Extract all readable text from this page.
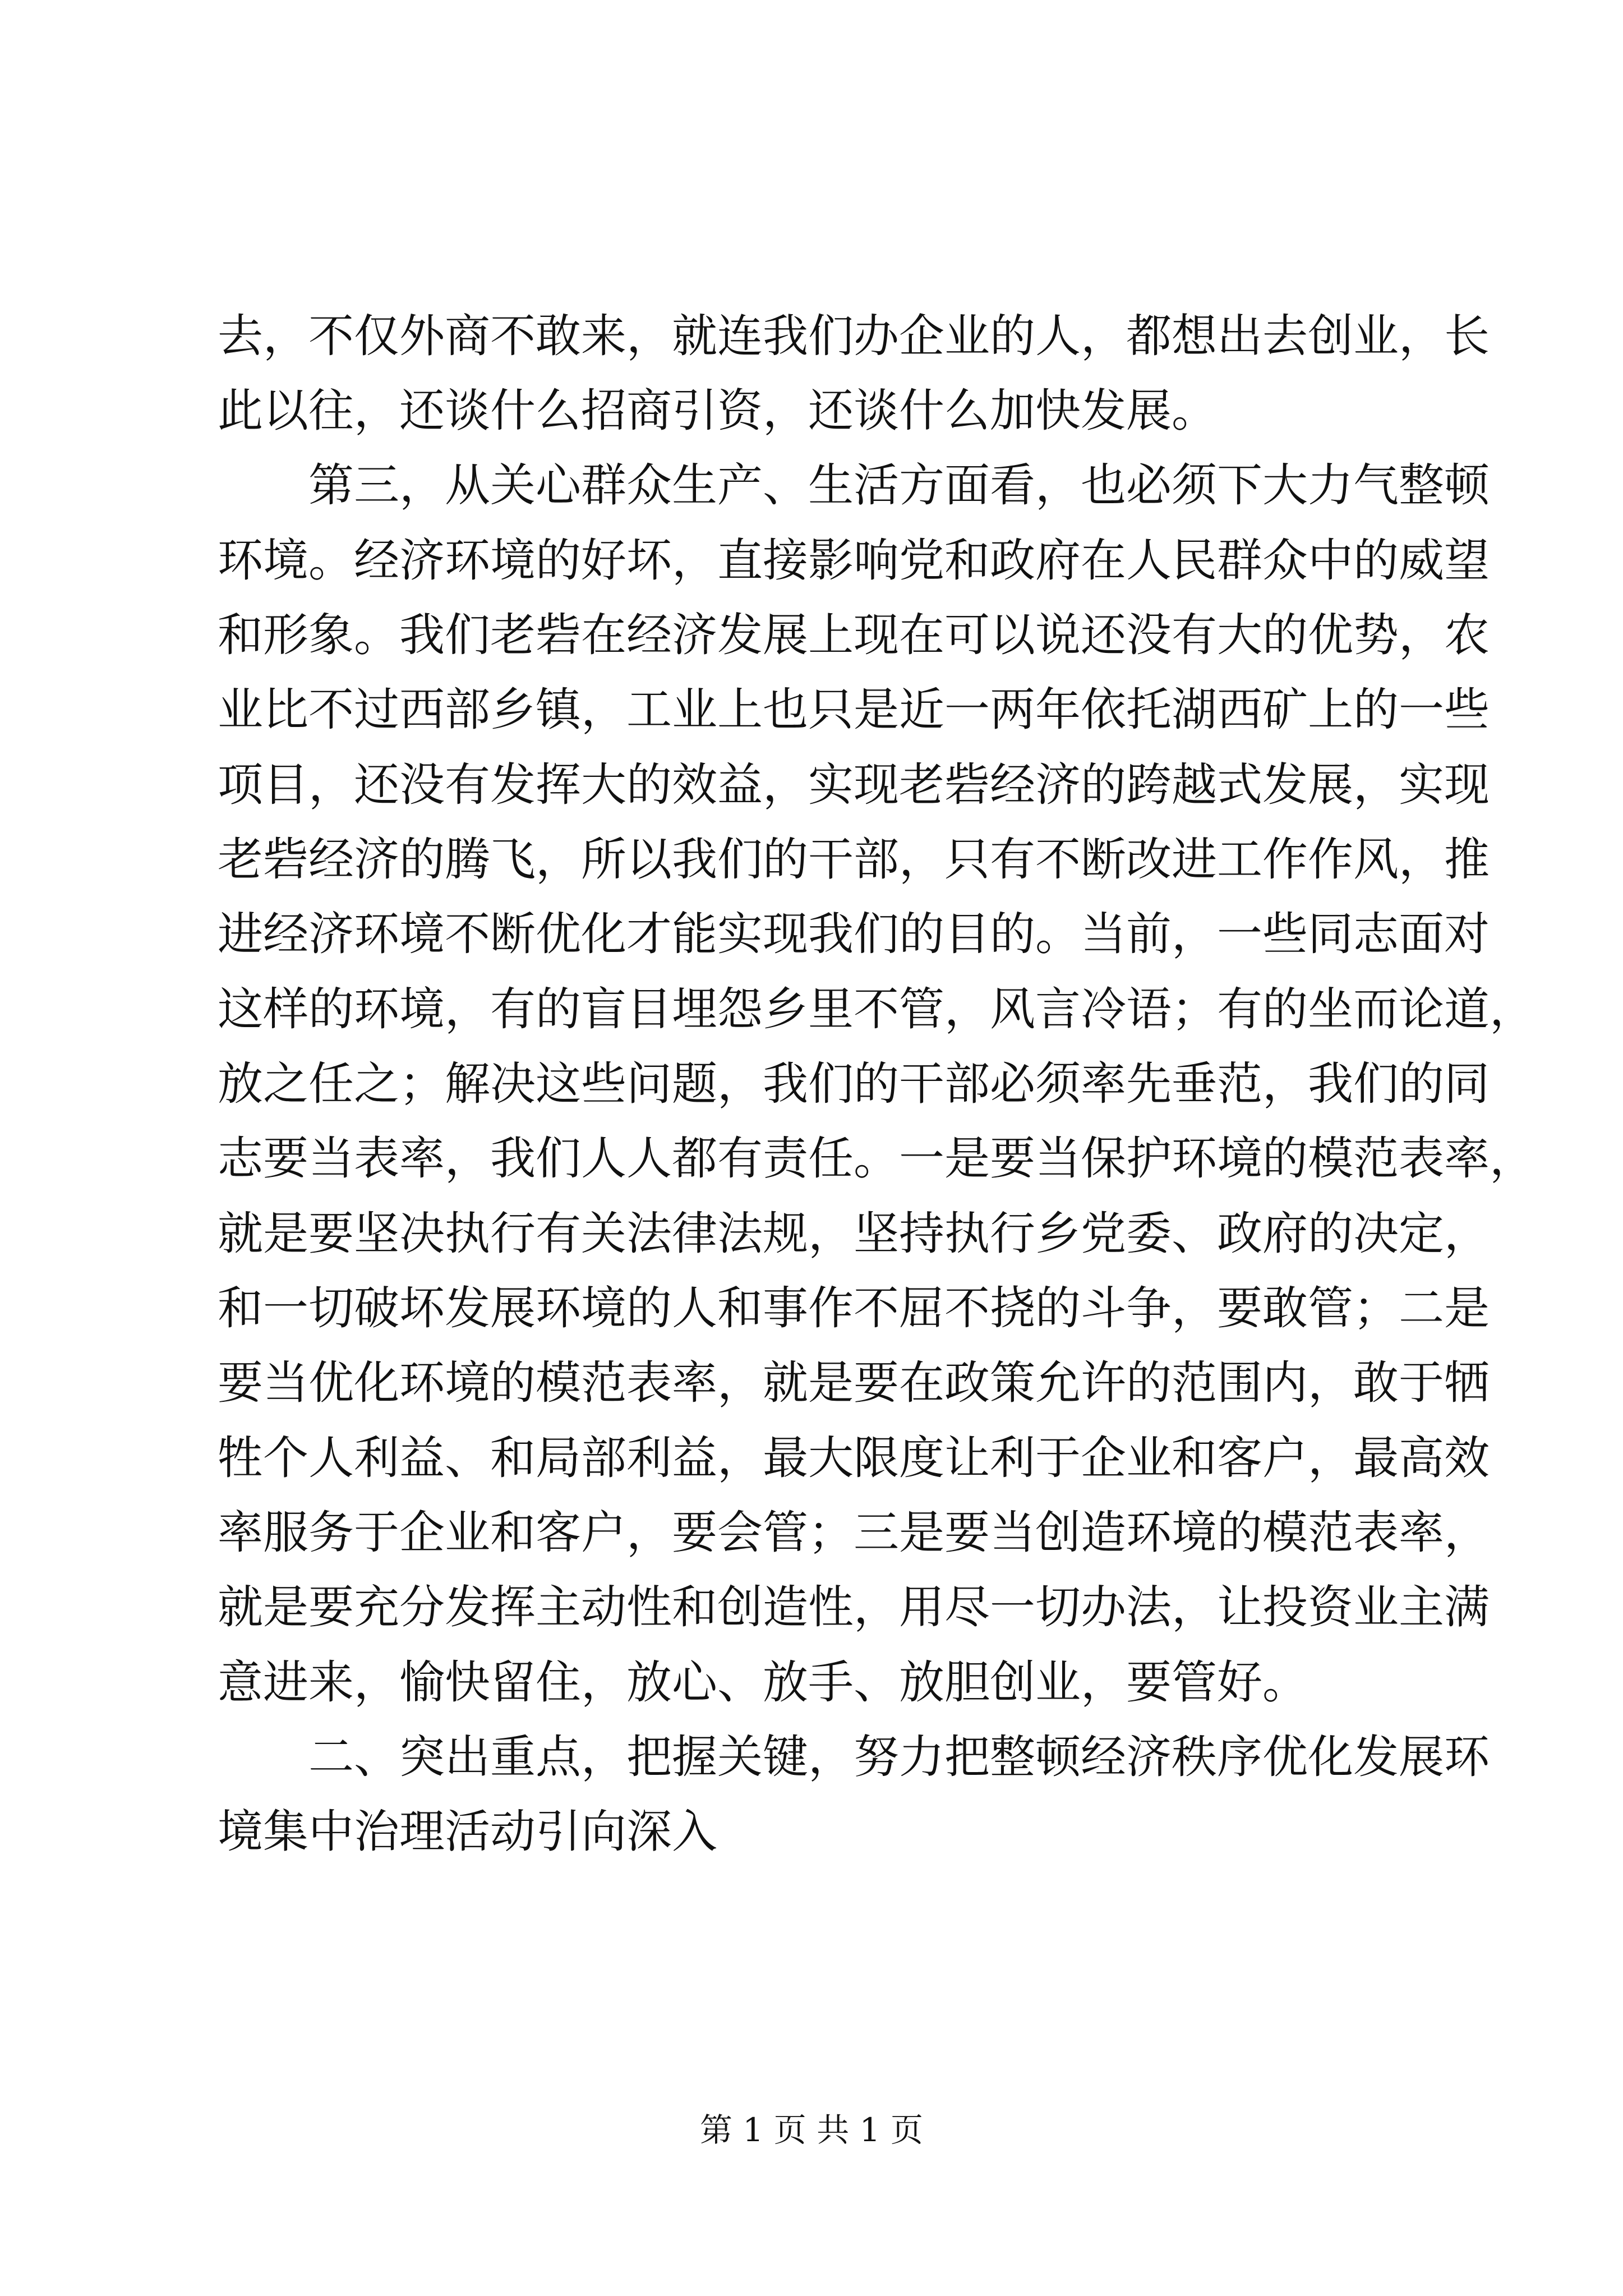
去，不仅外商不敢来，就连我们办企业的人，都想出去创业，长
此以往，还谈什么招商引资，还谈什么加快发展。
第三，从关心群众生产、生活方面看，也必须下大力气整顿
环境。经济环境的好坏，直接影响党和政府在人民群众中的威望
和形象。我们老砦在经济发展上现在可以说还没有大的优势，农
业比不过西部乡镇，工业上也只是近一两年依托湖西矿上的一些
项目，还没有发挥大的效益，实现老砦经济的跨越式发展，实现
老砦经济的腾飞，所以我们的干部，只有不断改进工作作风，推
进经济环境不断优化才能实现我们的目的。当前，一些同志面对
这样的环境，有的盲目埋怨乡里不管，风言冷语；有的坐而论道，
放之任之；解决这些问题，我们的干部必须率先垂范，我们的同
志要当表率，我们人人都有责任。一是要当保护环境的模范表率，
就是要坚决执行有关法律法规，坚持执行乡党委、政府的决定，
和一切破坏发展环境的人和事作不屈不挠的斗争，要敢管；二是
要当优化环境的模范表率，就是要在政策允许的范围内，敢于牺
牲个人利益、和局部利益，最大限度让利于企业和客户，最高效
率服务于企业和客户，要会管；三是要当创造环境的模范表率，
就是要充分发挥主动性和创造性，用尽一切办法，让投资业主满
意进来，愉快留住，放心、放手、放胆创业，要管好。
二、突出重点，把握关键，努力把整顿经济秩序优化发展环
境集中治理活动引向深入
第 1 页 共 1 页
